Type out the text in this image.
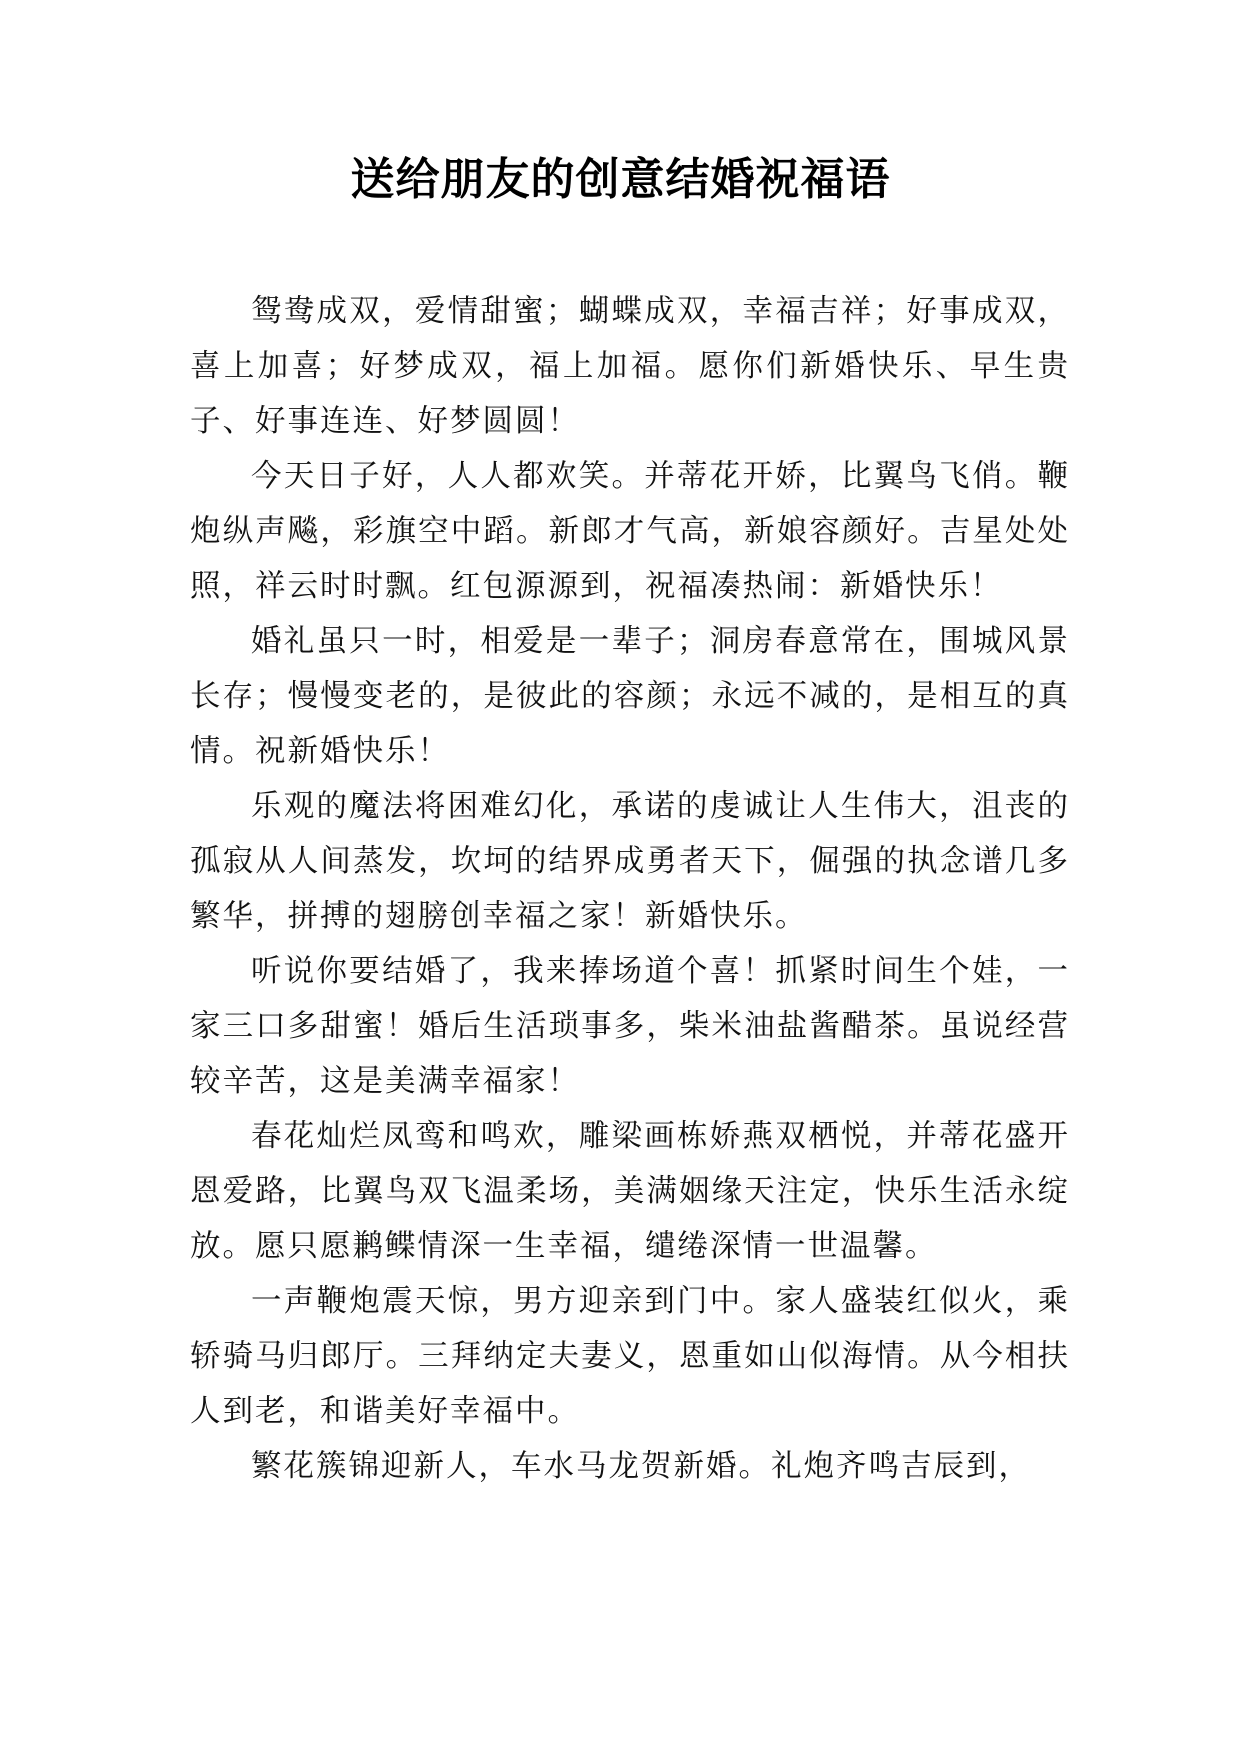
送给朋友的创意结婚祝福语

鸳鸯成双，爱情甜蜜；蝴蝶成双，幸福吉祥；好事成双，喜上加喜；好梦成双，福上加福。愿你们新婚快乐、早生贵子、好事连连、好梦圆圆！

今天日子好，人人都欢笑。并蒂花开娇，比翼鸟飞俏。鞭炮纵声飚，彩旗空中蹈。新郎才气高，新娘容颜好。吉星处处照，祥云时时飘。红包源源到，祝福凑热闹：新婚快乐！

婚礼虽只一时，相爱是一辈子；洞房春意常在，围城风景长存；慢慢变老的，是彼此的容颜；永远不减的，是相互的真情。祝新婚快乐！

乐观的魔法将困难幻化，承诺的虔诚让人生伟大，沮丧的孤寂从人间蒸发，坎坷的结界成勇者天下，倔强的执念谱几多繁华，拼搏的翅膀创幸福之家！新婚快乐。

听说你要结婚了，我来捧场道个喜！抓紧时间生个娃，一家三口多甜蜜！婚后生活琐事多，柴米油盐酱醋茶。虽说经营较辛苦，这是美满幸福家！

春花灿烂凤鸾和鸣欢，雕梁画栋娇燕双栖悦，并蒂花盛开恩爱路，比翼鸟双飞温柔场，美满姻缘天注定，快乐生活永绽放。愿只愿鹣鲽情深一生幸福，缱绻深情一世温馨。

一声鞭炮震天惊，男方迎亲到门中。家人盛装红似火，乘轿骑马归郎厅。三拜纳定夫妻义，恩重如山似海情。从今相扶人到老，和谐美好幸福中。

繁花簇锦迎新人，车水马龙贺新婚。礼炮齐鸣吉辰到，
